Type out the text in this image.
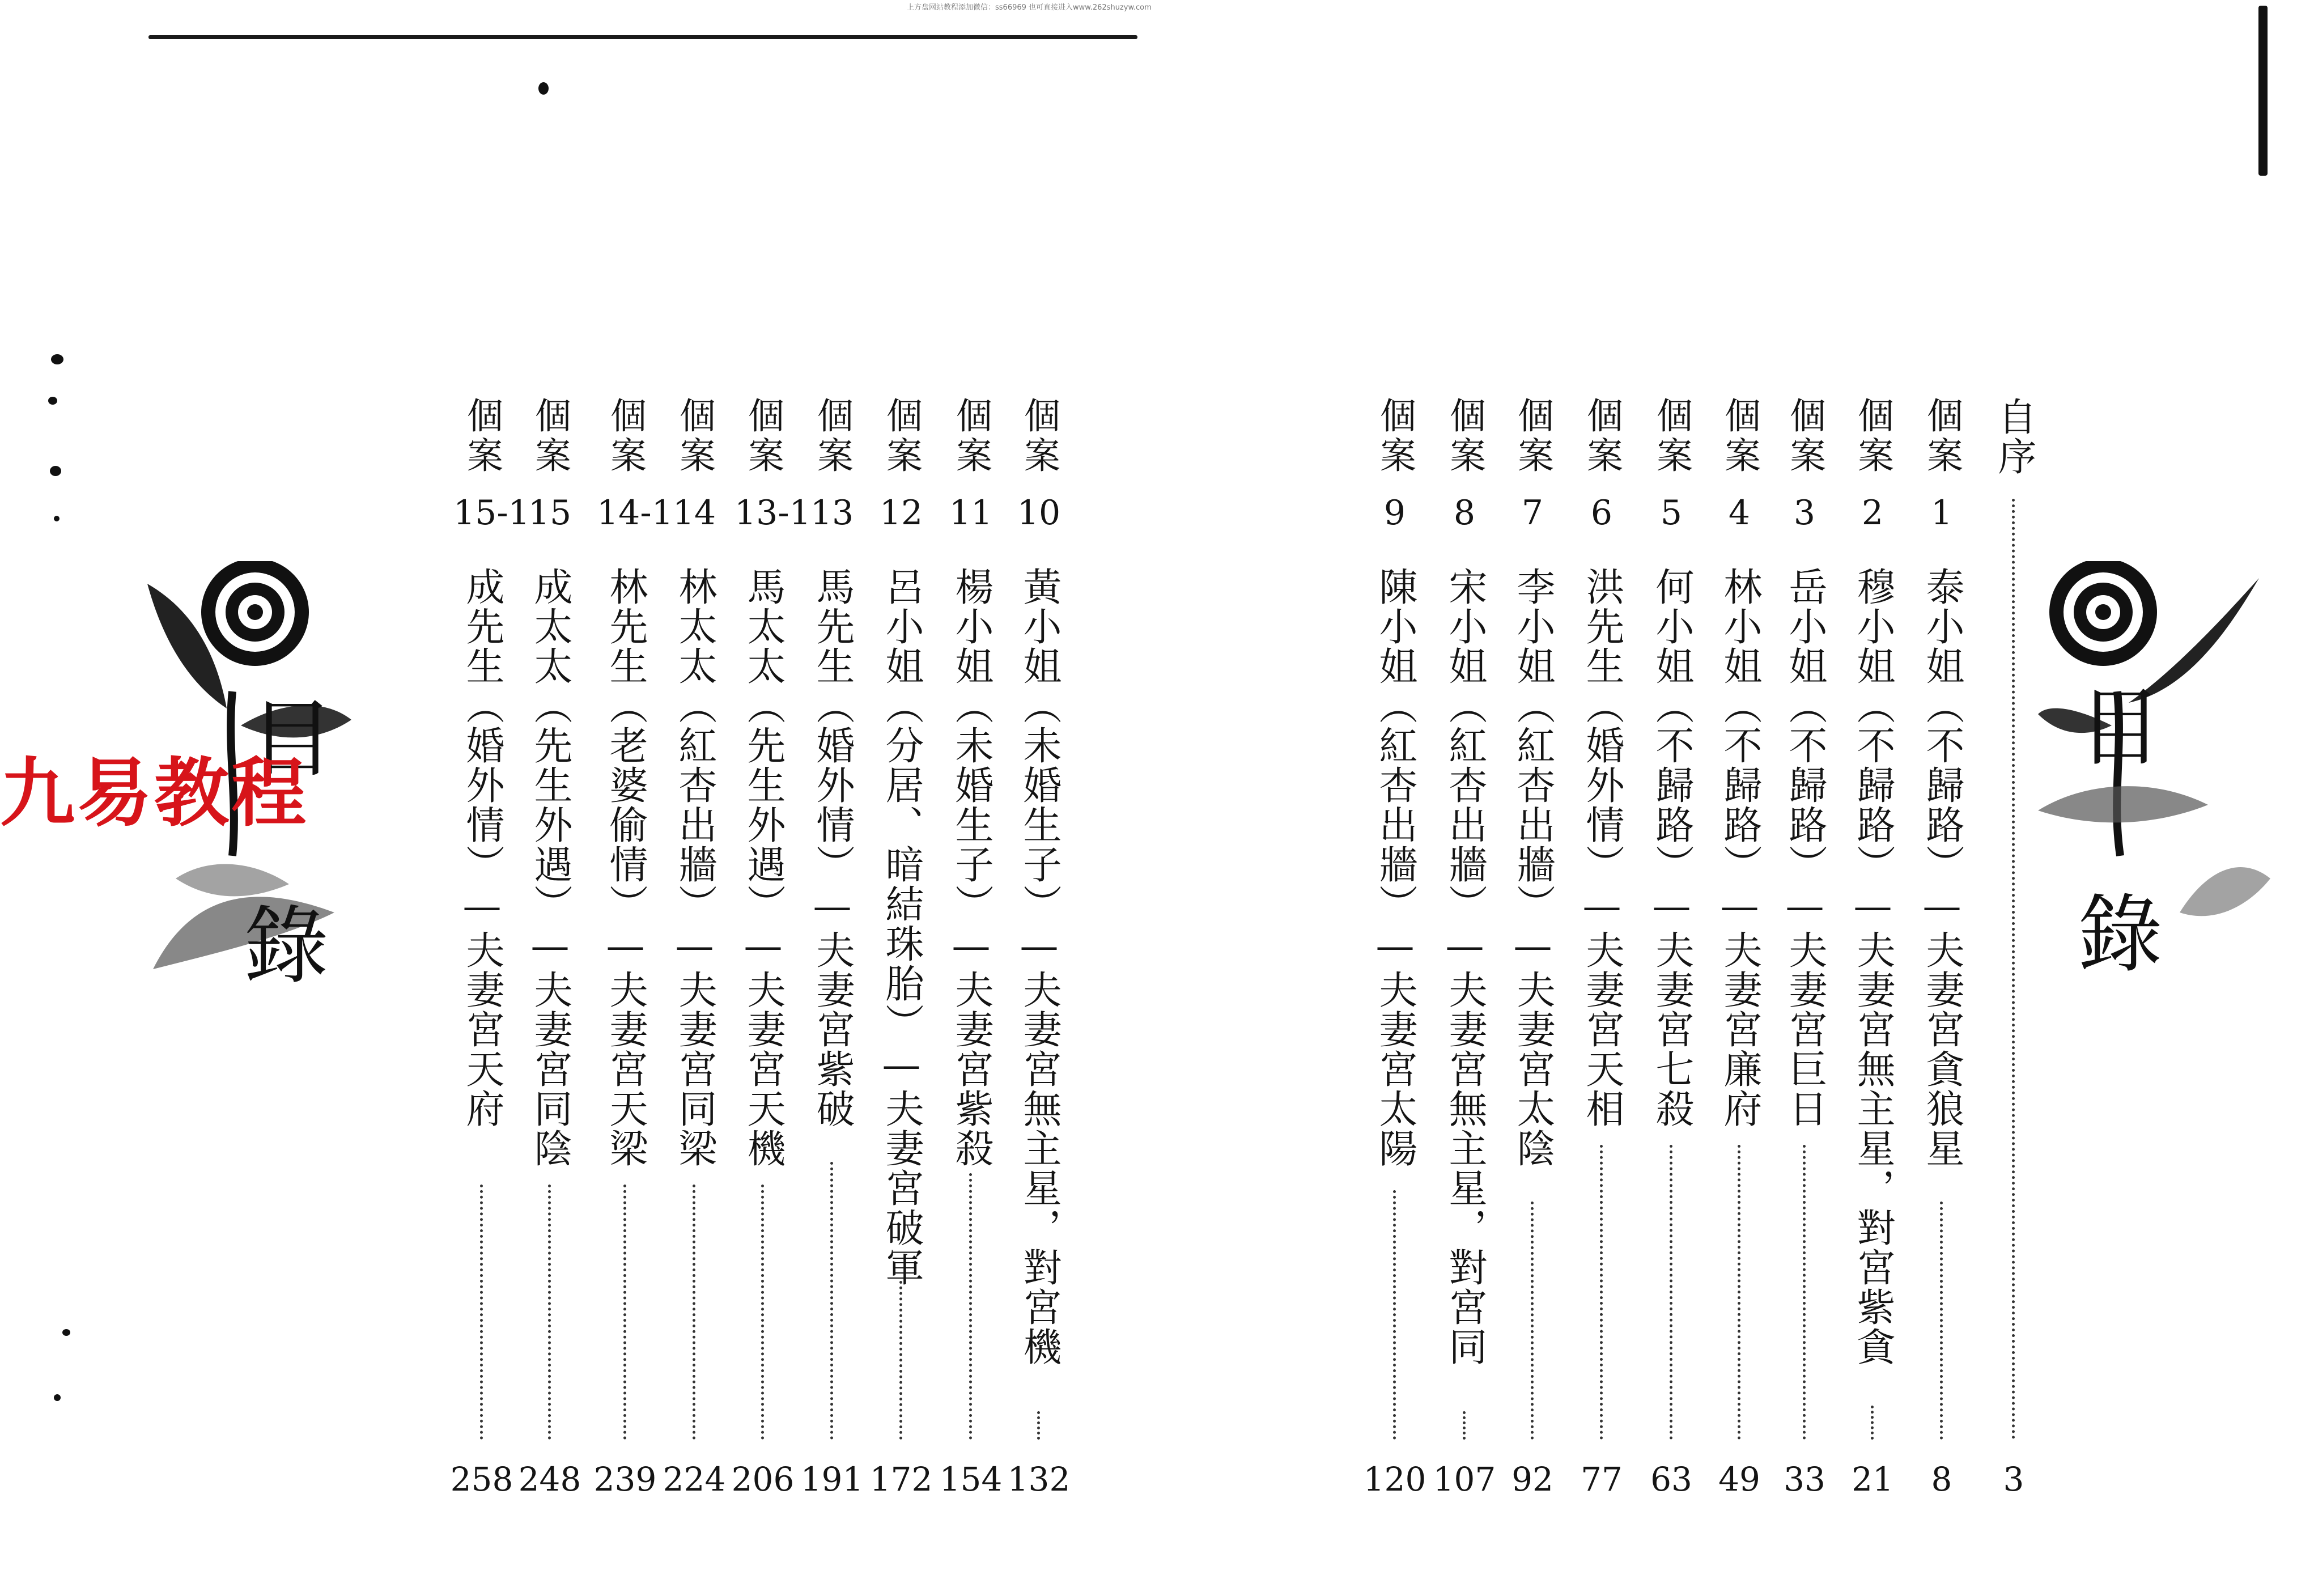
上方盘网站教程添加微信：ss66969 也可直接进入www.262shuzyw.com
目
錄
個案
10
黃小姐（未婚生子）—夫妻宮無主星，對宮機
132
個案
11
楊小姐（未婚生子）—夫妻宮紫殺
154
個案
12
呂小姐（分居、暗結珠胎）—夫妻宮破軍
172
個案
13
馬先生（婚外情）—夫妻宮紫破
191
個案
13-1
馬太太（先生外遇）—夫妻宮天機
206
個案
14
林太太（紅杏出牆）—夫妻宮同梁
224
個案
14-1
林先生（老婆偷情）—夫妻宮天梁
239
個案
15
成太太（先生外遇）—夫妻宮同陰
248
個案
15-1
成先生（婚外情）—夫妻宮天府
258
目
錄
自序
3
個案
1
泰小姐（不歸路）—夫妻宮貪狼星
8
個案
2
穆小姐（不歸路）—夫妻宮無主星，對宮紫貪
21
個案
3
岳小姐（不歸路）—夫妻宮巨日
33
個案
4
林小姐（不歸路）—夫妻宮廉府
49
個案
5
何小姐（不歸路）—夫妻宮七殺
63
個案
6
洪先生（婚外情）—夫妻宮天相
77
個案
7
李小姐（紅杏出牆）—夫妻宮太陰
92
個案
8
宋小姐（紅杏出牆）—夫妻宮無主星，對宮同
107
個案
9
陳小姐（紅杏出牆）—夫妻宮太陽
120
九易教程
